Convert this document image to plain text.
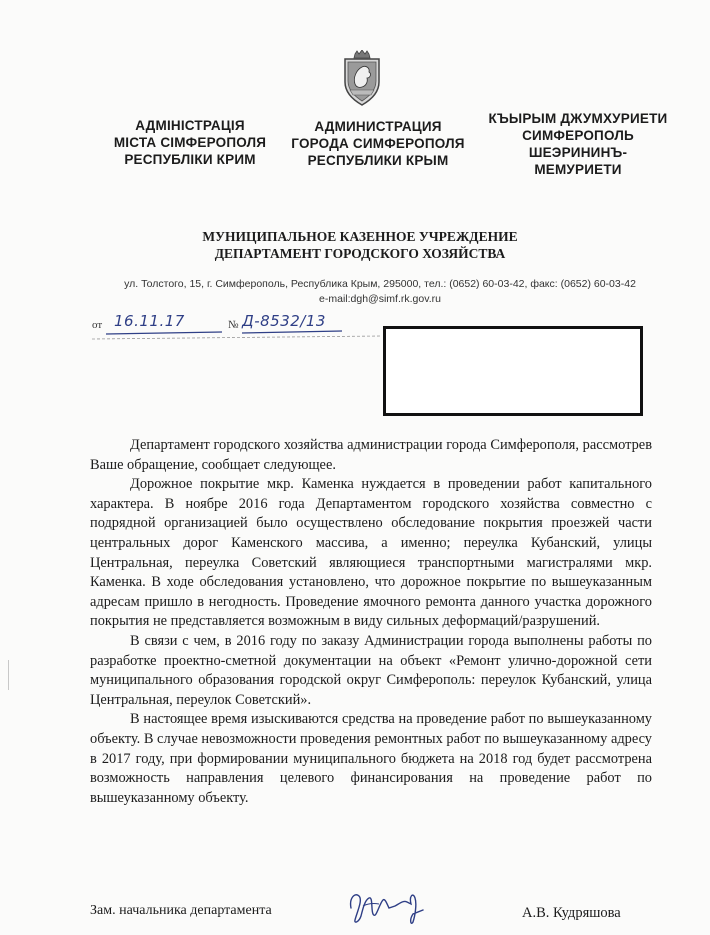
АДМІНІСТРАЦІЯ
МІСТА СІМФЕРОПОЛЯ
РЕСПУБЛІКИ КРИМ
АДМИНИСТРАЦИЯ
ГОРОДА СИМФЕРОПОЛЯ
РЕСПУБЛИКИ КРЫМ
КЪЫРЫМ ДЖУМХУРИЕТИ
СИМФЕРОПОЛЬ
ШЕЭРИНИНЪ-
МЕМУРИЕТИ
МУНИЦИПАЛЬНОЕ КАЗЕННОЕ УЧРЕЖДЕНИЕ
ДЕПАРТАМЕНТ ГОРОДСКОГО ХОЗЯЙСТВА
ул. Толстого, 15, г. Симферополь, Республика Крым, 295000, тел.: (0652) 60-03-42, факс: (0652) 60-03-42
e-mail:dgh@simf.rk.gov.ru
от 16.11.17	№ Д-8532/13

Департамент городского хозяйства администрации города Симферополя, рассмотрев Ваше обращение, сообщает следующее.

Дорожное покрытие мкр. Каменка нуждается в проведении работ капитального характера. В ноябре 2016 года Департаментом городского хозяйства совместно с подрядной организацией было осуществлено обследование покрытия проезжей части центральных дорог Каменского массива, а именно; переулка Кубанский, улицы Центральная, переулка Советский являющиеся транспортными магистралями мкр. Каменка. В ходе обследования установлено, что дорожное покрытие по вышеуказанным адресам пришло в негодность. Проведение ямочного ремонта данного участка дорожного покрытия не представляется возможным в виду сильных деформаций/разрушений.

В связи с чем, в 2016 году по заказу Администрации города выполнены работы по разработке проектно-сметной документации на объект «Ремонт улично-дорожной сети муниципального образования городской округ Симферополь: переулок Кубанский, улица Центральная, переулок Советский».

В настоящее время изыскиваются средства на проведение работ по вышеуказанному объекту. В случае невозможности проведения ремонтных работ по вышеуказанному адресу в 2017 году, при формировании муниципального бюджета на 2018 год будет рассмотрена возможность направления целевого финансирования на проведение работ по вышеуказанному объекту.

Зам. начальника департамента	А.В. Кудряшова
